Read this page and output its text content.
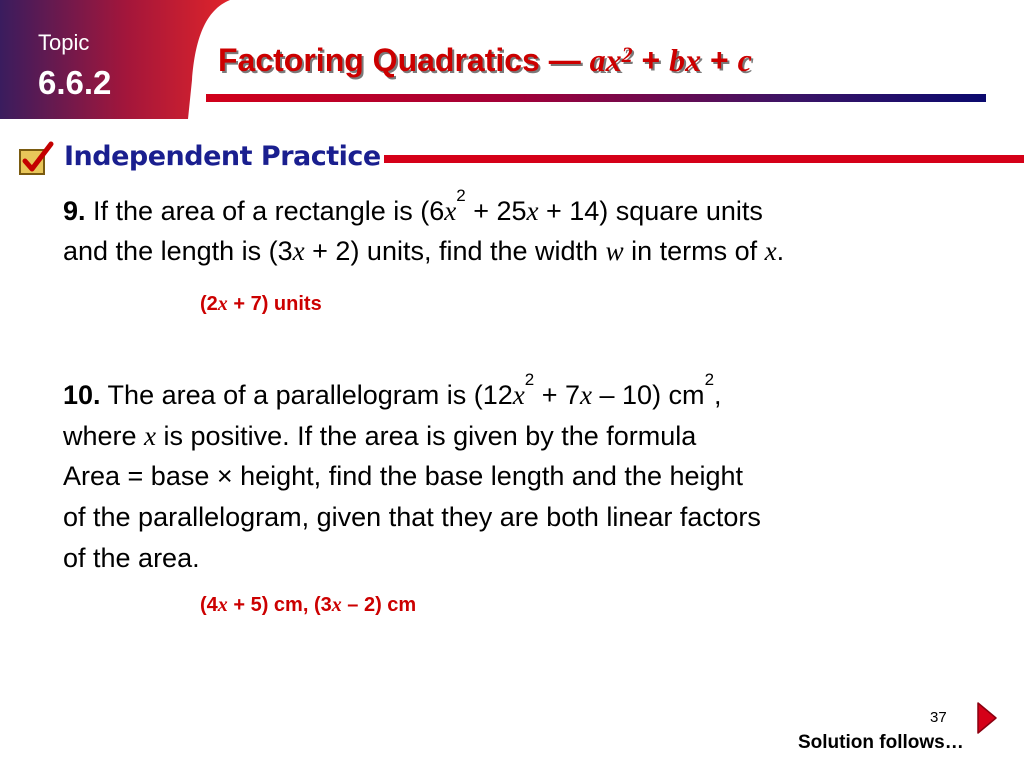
Topic
6.6.2
Factoring Quadratics — $ax^2$ + bx + c
Independent Practice
9. If the area of a rectangle is $(6x^2 + 25x + 14)$ square units
and the length is (3x + 2) units, find the width w in terms of x.
(2x + 7) units
10. The area of a parallelogram is $(12x^2 + 7x - 10)$ $cm^2$,
where x is positive. If the area is given by the formula
Area = base × height, find the base length and the height
of the parallelogram, given that they are both linear factors
of the area.
(4x + 5) cm, (3x – 2) cm
37
Solution follows…
